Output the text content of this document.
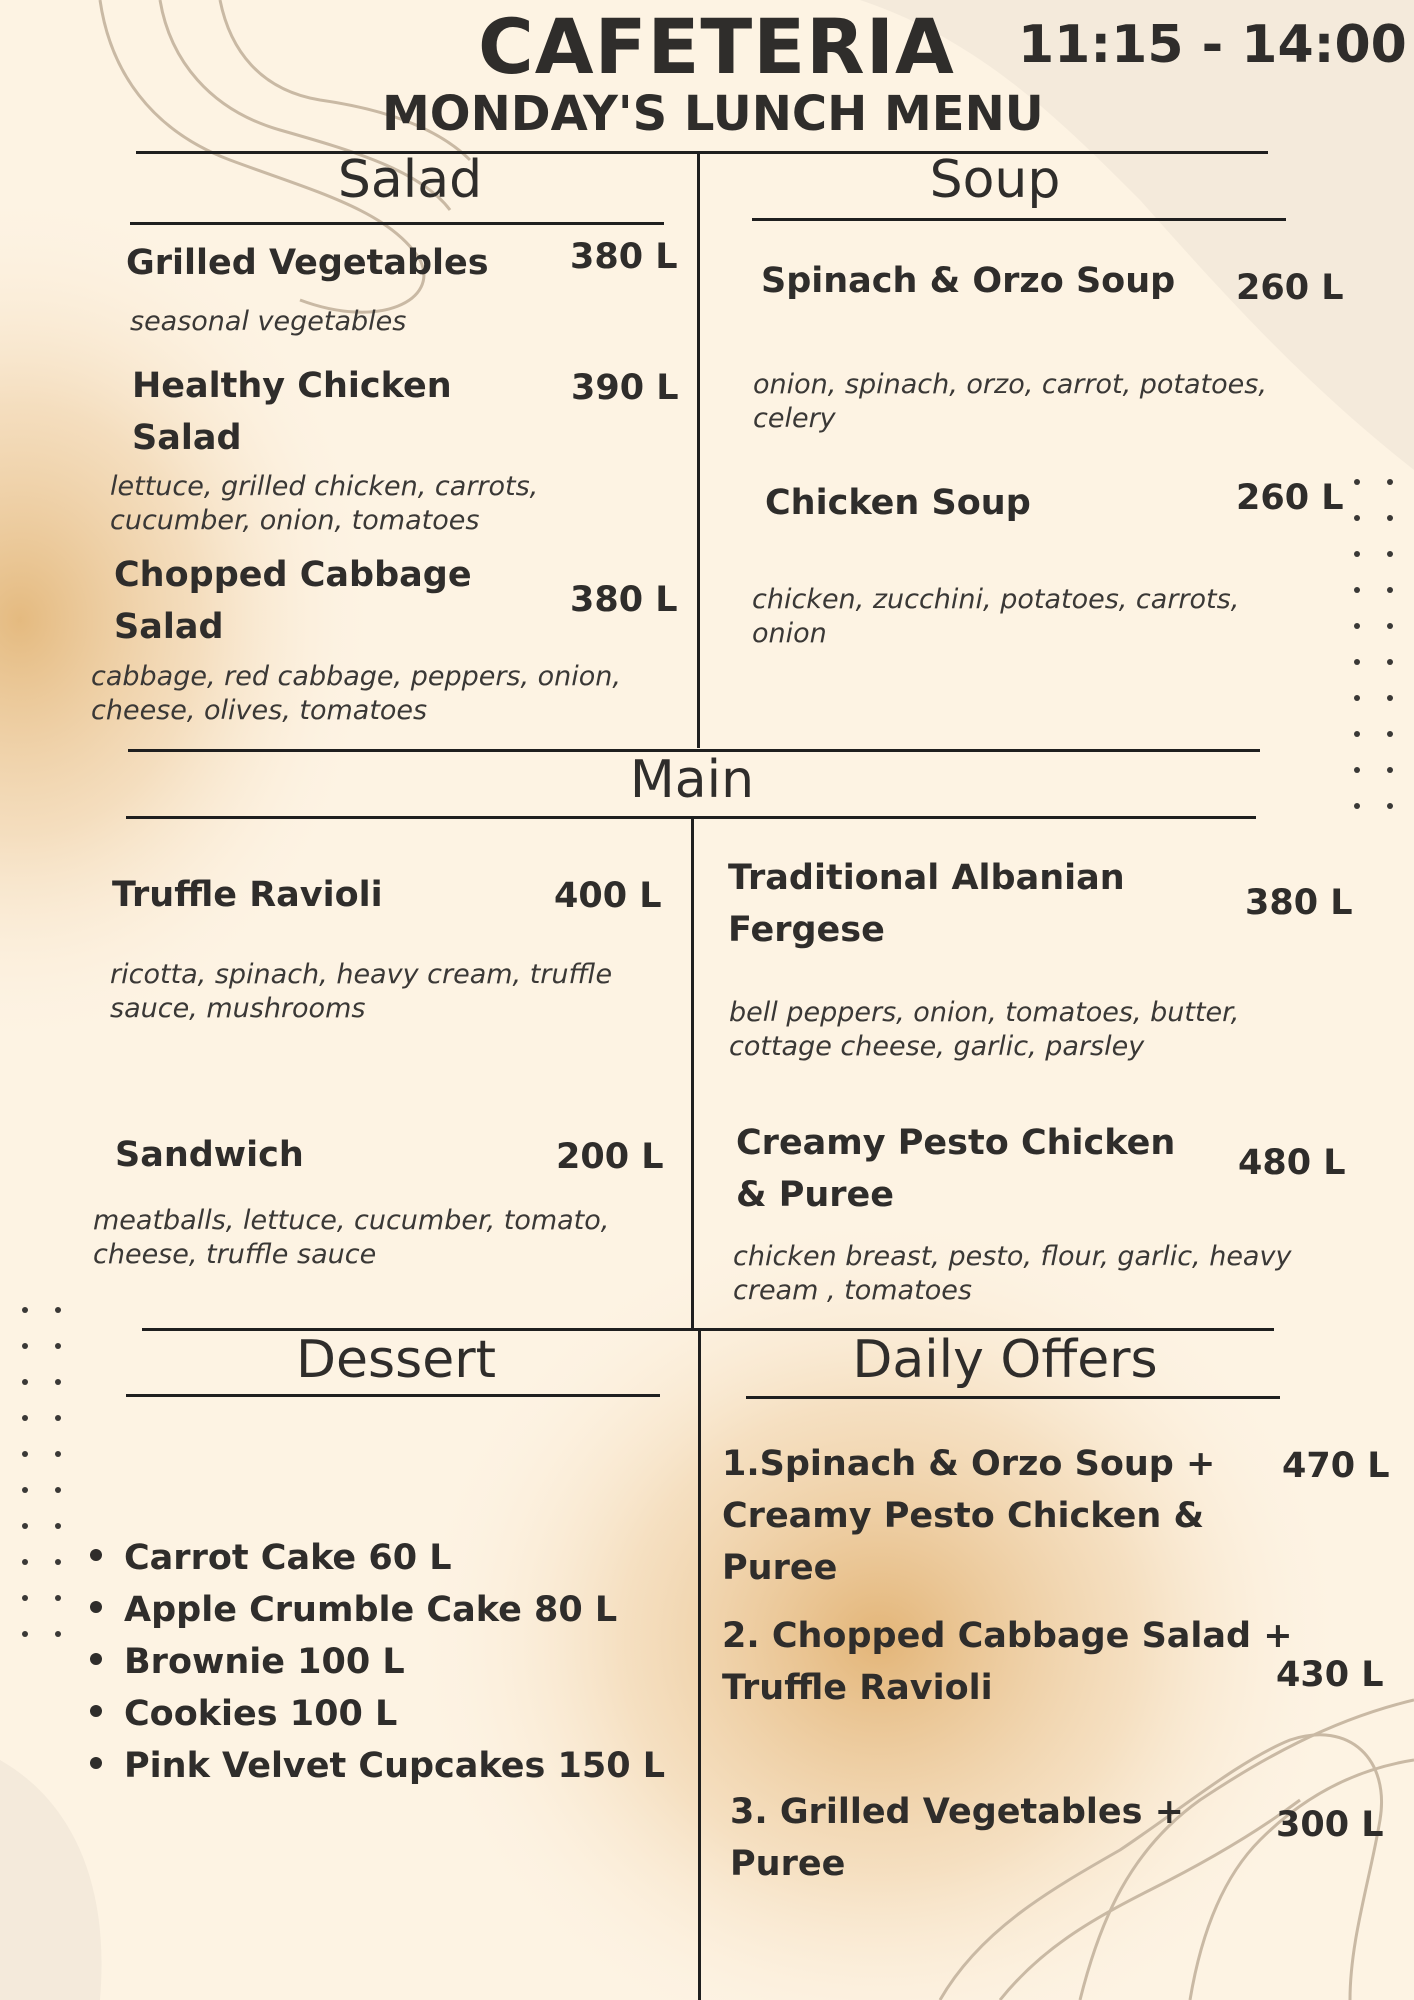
CAFETERIA 11:15 - 14:00
MONDAY'S LUNCH MENU
Salad	Soup
Main
Dessert	Daily Offers
Grilled Vegetables	380 L
seasonal vegetables
Healthy Chicken Salad
390 L
lettuce, grilled chicken, carrots, cucumber, onion, tomatoes
Chopped Cabbage Salad
380 L
cabbage, red cabbage, peppers, onion, cheese, olives, tomatoes
Spinach & Orzo Soup 260 L
onion, spinach, orzo, carrot, potatoes, celery
Chicken Soup	260 L
chicken, zucchini, potatoes, carrots, onion
Truffle Ravioli	400 L
ricotta, spinach, heavy cream, truffle sauce, mushrooms
Traditional Albanian Fergese
380 L
bell peppers, onion, tomatoes, butter, cottage cheese, garlic, parsley
Sandwich	200 L
meatballs, lettuce, cucumber, tomato, cheese, truffle sauce
Creamy Pesto Chicken & Puree
480 L
chicken breast, pesto, flour, garlic, heavy cream , tomatoes
Carrot Cake 60 L
Apple Crumble Cake 80 L
Brownie 100 L
Cookies 100 L
Pink Velvet Cupcakes 150 L
1.Spinach & Orzo Soup +
Creamy Pesto Chicken & Puree
470 L
2. Chopped Cabbage Salad +
Truffle Ravioli	430 L
3. Grilled Vegetables +
Puree
300 L
